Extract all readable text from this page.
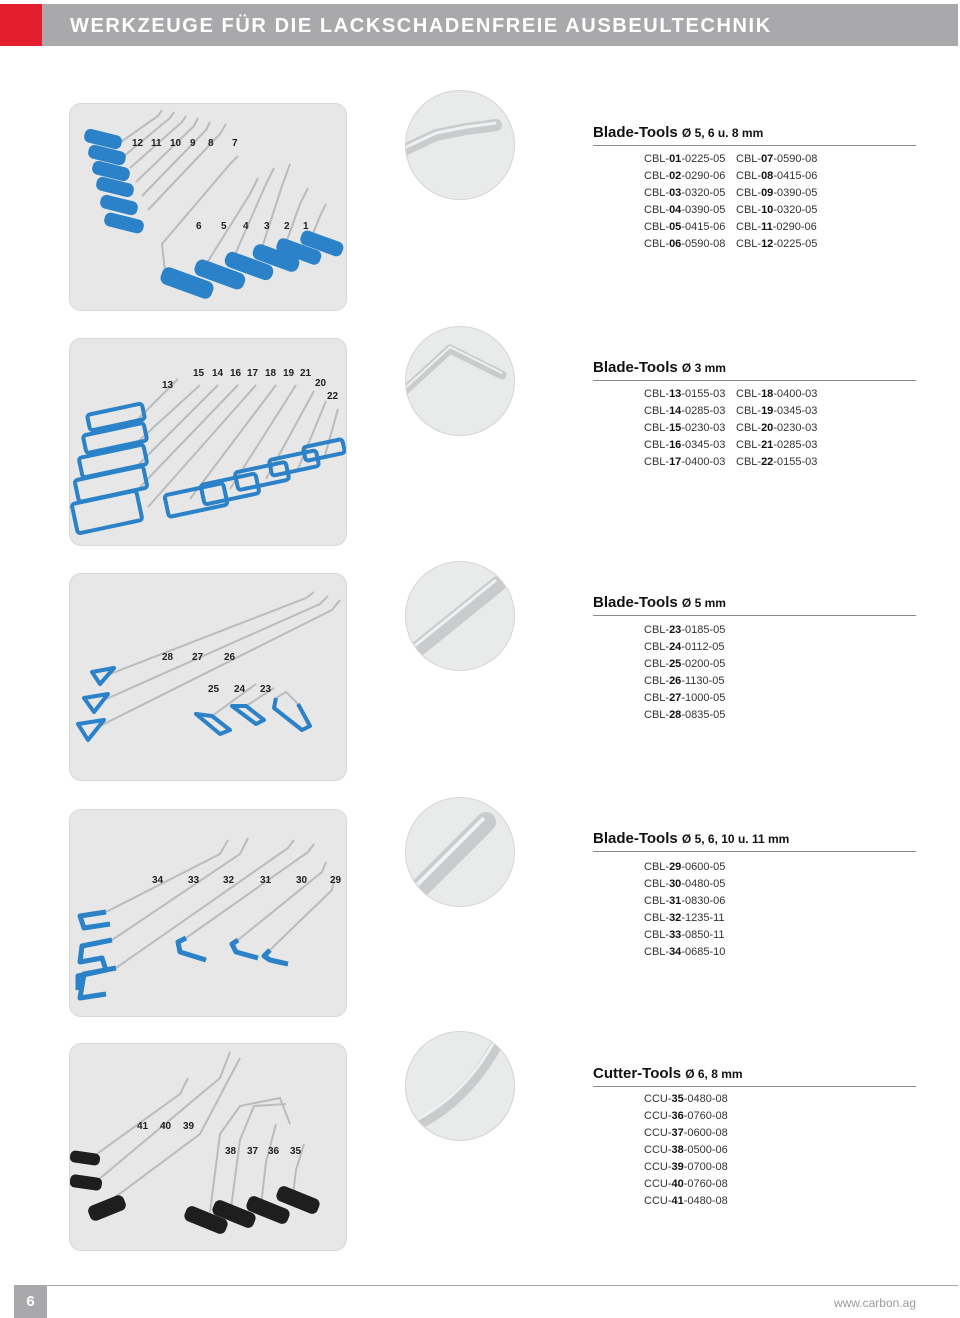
WERKZEUGE FÜR DIE LACKSCHADENFREIE AUSBEULTECHNIK
12 11 10 9 8 7
6 5 4 3 2 1
Blade-Tools Ø 5, 6 u. 8 mm
CBL-01-0225-05 CBL-07-0590-08
CBL-02-0290-06 CBL-08-0415-06
CBL-03-0320-05 CBL-09-0390-05
CBL-04-0390-05 CBL-10-0320-05
CBL-05-0415-06 CBL-11-0290-06
CBL-06-0590-08 CBL-12-0225-05
13
15 14 16 17 18 19 21
20
22
Blade-Tools Ø 3 mm
CBL-13-0155-03 CBL-18-0400-03
CBL-14-0285-03 CBL-19-0345-03
CBL-15-0230-03 CBL-20-0230-03
CBL-16-0345-03 CBL-21-0285-03
CBL-17-0400-03 CBL-22-0155-03
28 27 26
25 24 23
Blade-Tools Ø 5 mm
CBL-23-0185-05
CBL-24-0112-05
CBL-25-0200-05
CBL-26-1130-05
CBL-27-1000-05
CBL-28-0835-05
34 33 32	31 30 29
Blade-Tools Ø 5, 6, 10 u. 11 mm
CBL-29-0600-05
CBL-30-0480-05
CBL-31-0830-06
CBL-32-1235-11
CBL-33-0850-11
CBL-34-0685-10
41 40 39
38 37 36 35
Cutter-Tools Ø 6, 8 mm
CCU-35-0480-08
CCU-36-0760-08
CCU-37-0600-08
CCU-38-0500-06
CCU-39-0700-08
CCU-40-0760-08
CCU-41-0480-08
6	www.carbon.ag
